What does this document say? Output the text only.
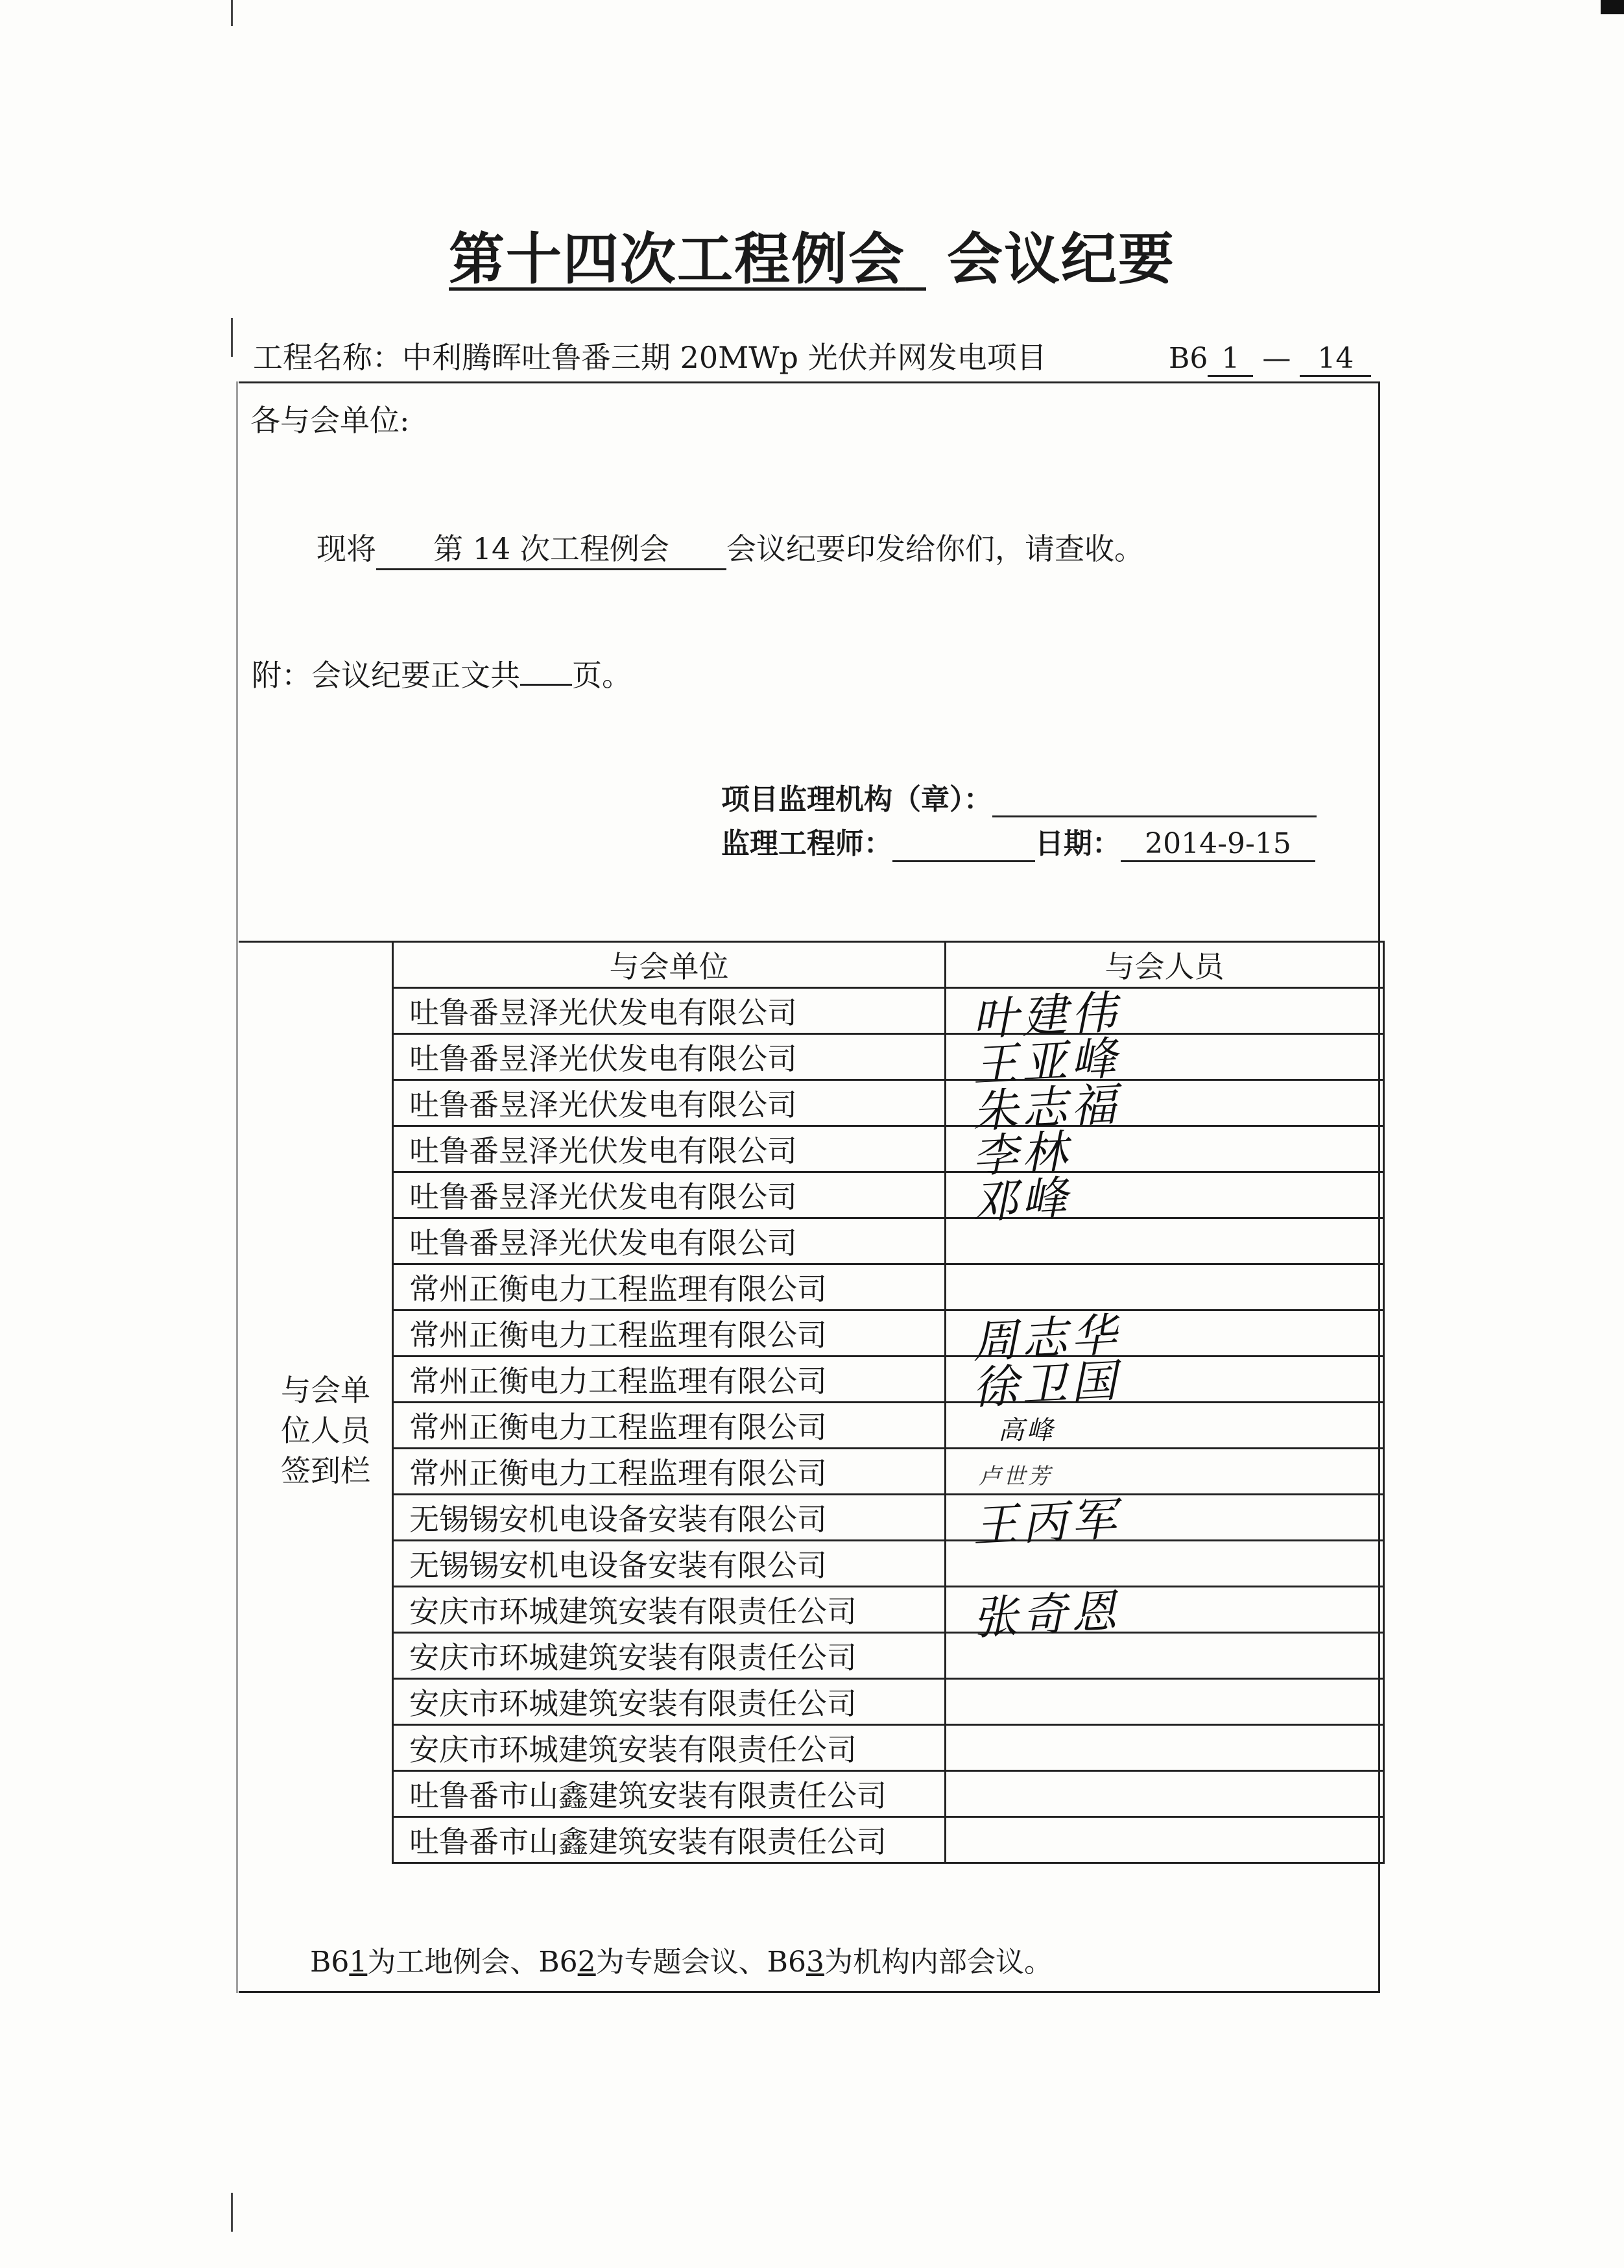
第十四次工程例会 会议纪要
工程名称：中利腾晖吐鲁番三期 20MWp 光伏并网发电项目	B6 1 — 14
各与会单位:
现将 第 14 次工程例会 会议纪要印发给你们，请查收。
附：会议纪要正文共 页。
项目监理机构（章）：
监理工程师：	日期： 2014-9-15
与会单位	与会人员
吐鲁番昱泽光伏发电有限公司	叶建伟

吐鲁番昱泽光伏发电有限公司	王亚峰

吐鲁番昱泽光伏发电有限公司	朱志福

吐鲁番昱泽光伏发电有限公司	李林

吐鲁番昱泽光伏发电有限公司	邓峰

吐鲁番昱泽光伏发电有限公司	
常州正衡电力工程监理有限公司	
常州正衡电力工程监理有限公司	周志华

常州正衡电力工程监理有限公司	徐卫国

常州正衡电力工程监理有限公司	高峰

常州正衡电力工程监理有限公司	卢世芳

无锡锡安机电设备安装有限公司	王丙军

无锡锡安机电设备安装有限公司	
安庆市环城建筑安装有限责任公司	张奇恩

安庆市环城建筑安装有限责任公司	
安庆市环城建筑安装有限责任公司	
安庆市环城建筑安装有限责任公司	
吐鲁番市山鑫建筑安装有限责任公司	
吐鲁番市山鑫建筑安装有限责任公司	
与会单位人员签到栏
B61为工地例会、B62为专题会议、B63为机构内部会议。
